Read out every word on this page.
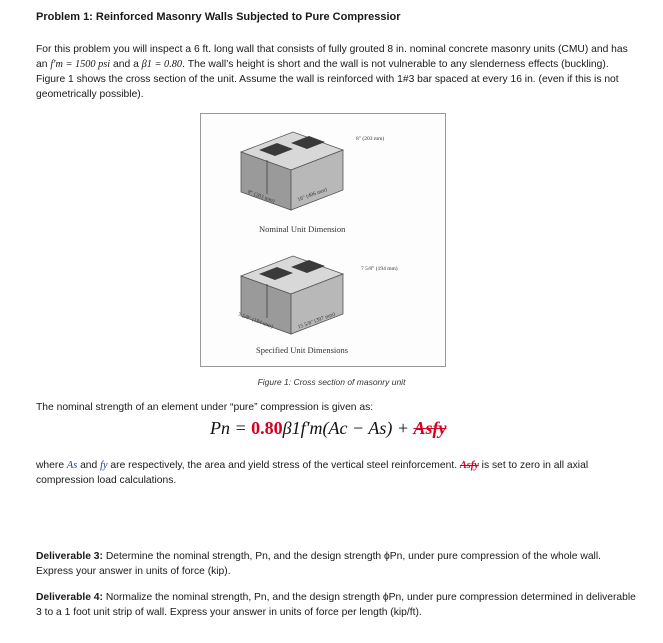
Problem 1: Reinforced Masonry Walls Subjected to Pure Compressior
For this problem you will inspect a 6 ft. long wall that consists of fully grouted 8 in. nominal concrete masonry units (CMU) and has an f′m = 1500 psi and a β1 = 0.80. The wall’s height is short and the wall is not vulnerable to any slenderness effects (buckling). Figure 1 shows the cross section of the unit. Assume the wall is reinforced with 1#3 bar spaced at every 16 in. (even if this is not geometrically possible).
8" (203 mm)
8" (203 mm)	16" (406 mm)
Nominal Unit Dimension
7 5/8" (194 mm)
7 5/8" (194 mm)	15 5/8" (397 mm)
Specified Unit Dimensions
Figure 1: Cross section of masonry unit
The nominal strength of an element under “pure” compression is given as:
Pn = 0.80β1f′m(Ac − As) + Asfy
where As and fy are respectively, the area and yield stress of the vertical steel reinforcement. Asfy is set to zero in all axial compression load calculations.
Deliverable 3: Determine the nominal strength, Pn, and the design strength ϕPn, under pure compression of the whole wall. Express your answer in units of force (kip).
Deliverable 4: Normalize the nominal strength, Pn, and the design strength ϕPn, under pure compression determined in deliverable 3 to a 1 foot unit strip of wall. Express your answer in units of force per length (kip/ft).
